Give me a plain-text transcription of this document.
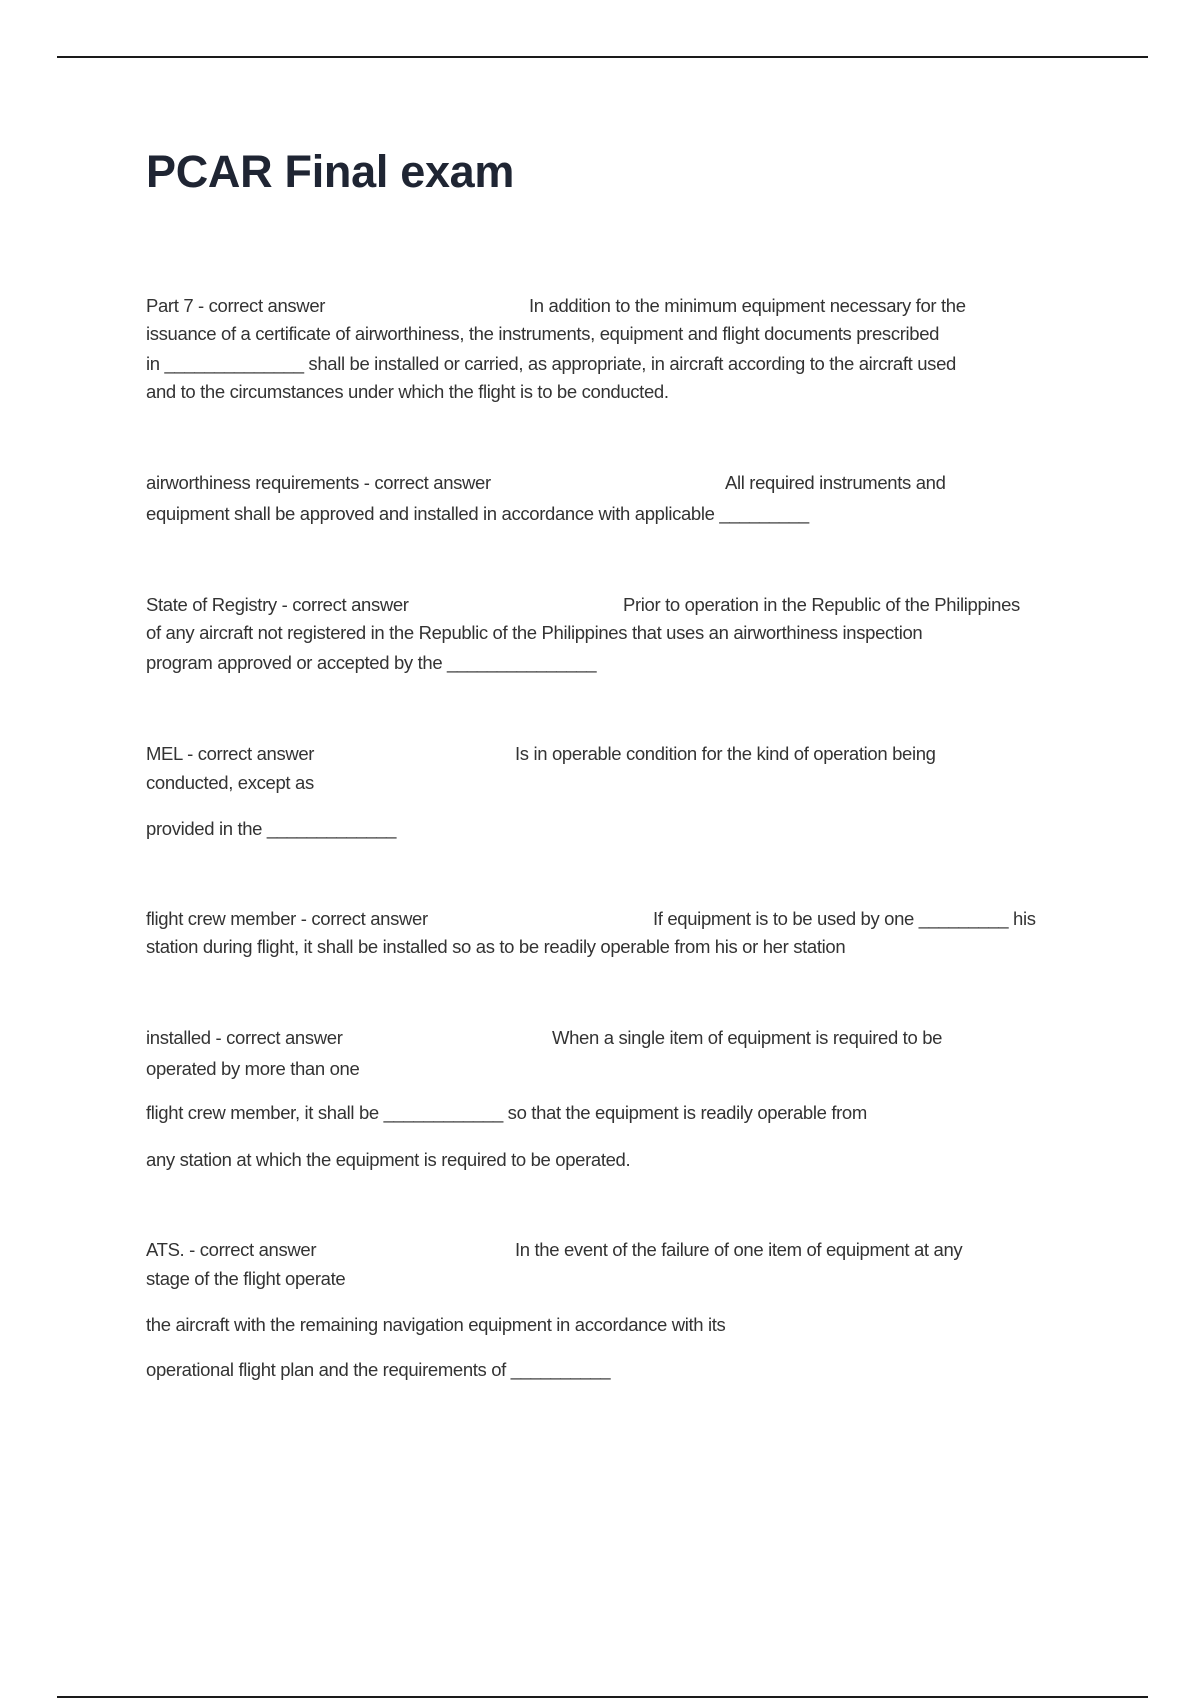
PCAR Final exam
Part 7 - correct answer	In addition to the minimum equipment necessary for the
issuance of a certificate of airworthiness, the instruments, equipment and flight documents prescribed
in ______________ shall be installed or carried, as appropriate, in aircraft according to the aircraft used
and to the circumstances under which the flight is to be conducted.
airworthiness requirements - correct answer	All required instruments and
equipment shall be approved and installed in accordance with applicable _________
State of Registry - correct answer	Prior to operation in the Republic of the Philippines
of any aircraft not registered in the Republic of the Philippines that uses an airworthiness inspection
program approved or accepted by the _______________
MEL - correct answer	Is in operable condition for the kind of operation being
conducted, except as
provided in the _____________
flight crew member - correct answer	If equipment is to be used by one _________ his
station during flight, it shall be installed so as to be readily operable from his or her station
installed - correct answer	When a single item of equipment is required to be
operated by more than one
flight crew member, it shall be ____________ so that the equipment is readily operable from
any station at which the equipment is required to be operated.
ATS. - correct answer	In the event of the failure of one item of equipment at any
stage of the flight operate
the aircraft with the remaining navigation equipment in accordance with its
operational flight plan and the requirements of __________
